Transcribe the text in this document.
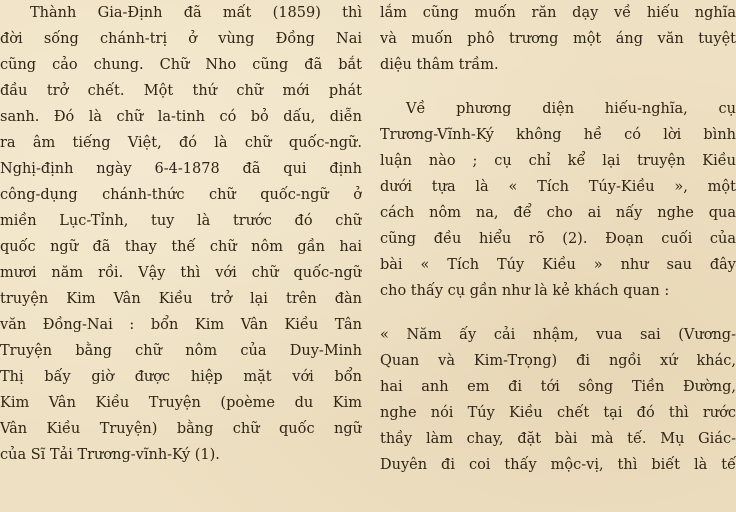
Thành Gia-Định đã mất (1859) thì
đời sống chánh-trị ở vùng Đồng Nai
cũng cảo chung. Chữ Nho cũng đã bắt
đầu trở chết. Một thứ chữ mới phát
sanh. Đó là chữ la-tinh có bỏ dấu, diễn
ra âm tiếng Việt, đó là chữ quốc-ngữ.
Nghị-định ngày 6-4-1878 đã qui định
công-dụng chánh-thức chữ quốc-ngữ ở
miền Lục-Tỉnh, tuy là trước đó chữ
quốc ngữ đã thay thế chữ nôm gần hai
mươi năm rồi. Vậy thì với chữ quốc-ngữ
truyện Kim Vân Kiều trở lại trên đàn
văn Đồng-Nai : bổn Kim Vân Kiều Tân
Truyện bằng chữ nôm của Duy-Minh
Thị bấy giờ được hiệp mặt với bổn
Kim Vân Kiều Truyện (poème du Kim
Vân Kiều Truyện) bằng chữ quốc ngữ
của Sĩ Tải Trương-vĩnh-Ký (1).
lắm cũng muốn răn dạy về hiếu nghĩa
và muốn phô trương một áng văn tuyệt
diệu thâm trầm.
Về phương diện hiếu-nghĩa, cụ
Trương-Vĩnh-Ký không hề có lời bình
luận nào ; cụ chỉ kể lại truyện Kiều
dưới tựa là « Tích Túy-Kiều », một
cách nôm na, để cho ai nấy nghe qua
cũng đều hiểu rõ (2). Đoạn cuối của
bài « Tích Túy Kiều » như sau đây
cho thấy cụ gần như là kẻ khách quan :
« Năm ấy cải nhậm, vua sai (Vương-
Quan và Kim-Trọng) đi ngồi xứ khác,
hai anh em đi tới sông Tiền Đường,
nghe nói Túy Kiều chết tại đó thì rước
thầy làm chay, đặt bài mà tế. Mụ Giác-
Duyên đi coi thấy mộc-vị, thì biết là tế
